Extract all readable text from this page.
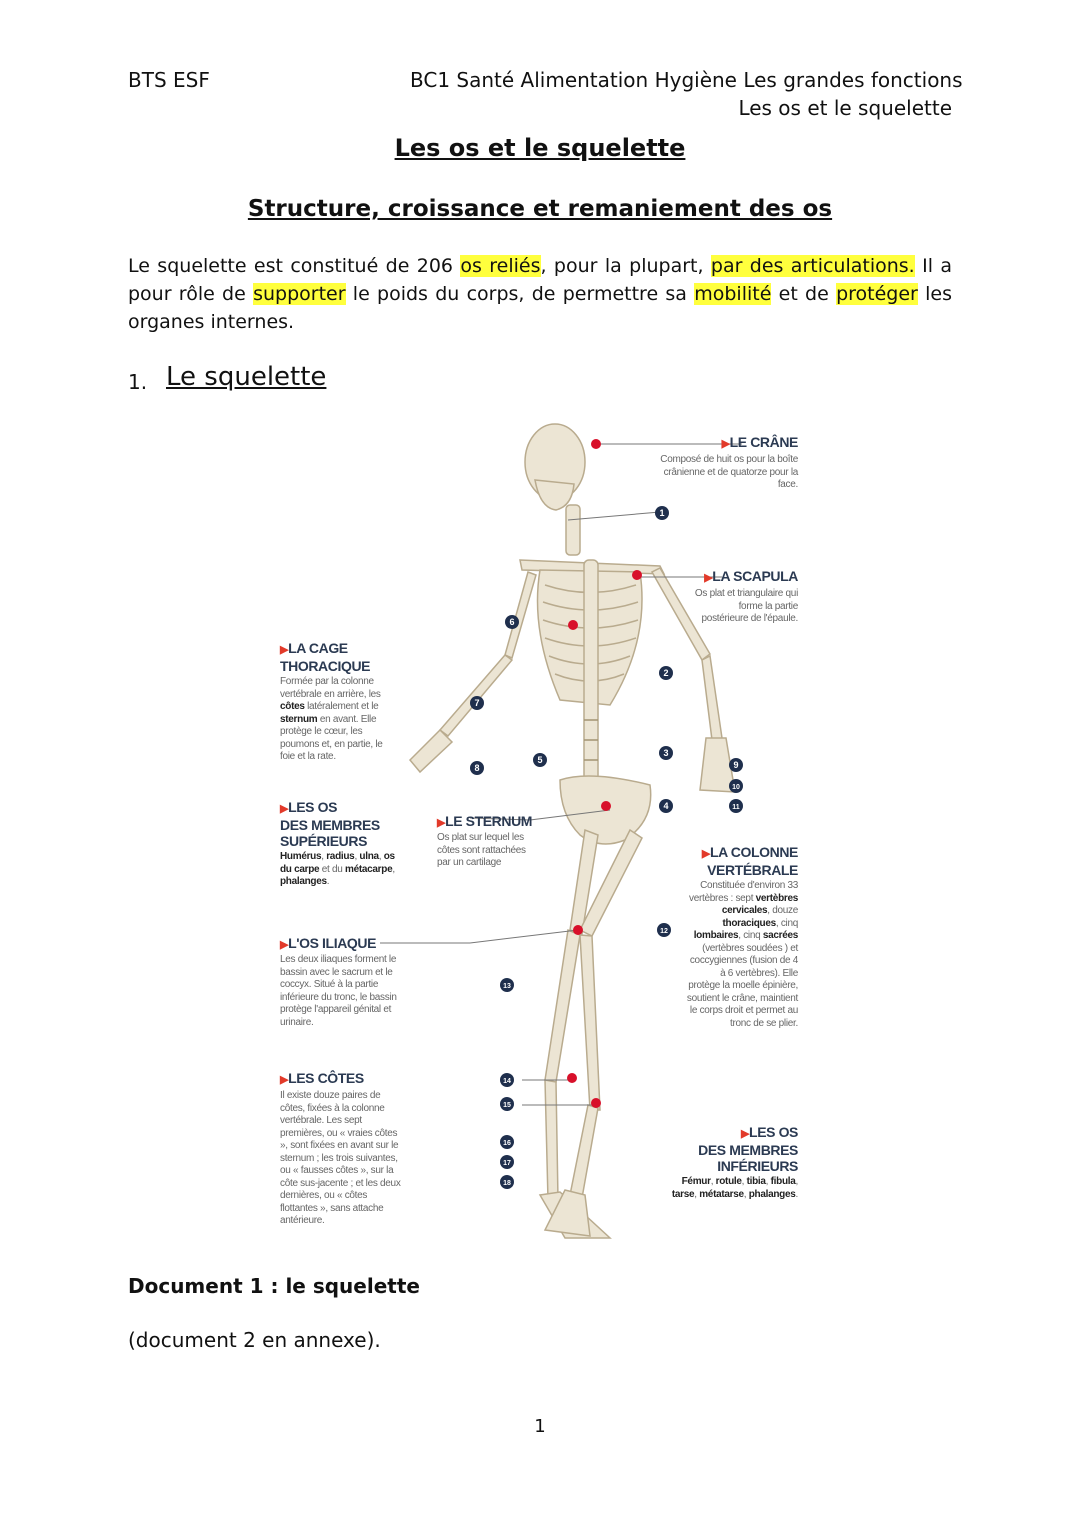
BTS ESF	BC1 Santé Alimentation Hygiène Les grandes fonctions
Les os et le squelette
Les os et le squelette
Structure, croissance et remaniement des os
Le squelette est constitué de 206 os reliés, pour la plupart, par des articulations. Il a pour rôle de supporter le poids du corps, de permettre sa mobilité et de protéger les organes internes.
1. Le squelette
1
2
3
4
5
6
7
8	9
10
11
12
13
14
15
16
17
18
▶LE CRÂNE
Composé de huit os pour la boîte crânienne et de quatorze pour la face.
▶LA SCAPULA
Os plat et triangulaire qui forme la partie postérieure de l'épaule.
▶LA CAGE
THORACIQUE
Formée par la colonne vertébrale en arrière, les côtes latéralement et le sternum en avant. Elle protège le cœur, les poumons et, en partie, le foie et la rate.
▶LES OS
DES MEMBRES
SUPÉRIEURS
Humérus, radius, ulna, os du carpe et du métacarpe, phalanges.
▶LE STERNUM
Os plat sur lequel les côtes sont rattachées par un cartilage
▶L'OS ILIAQUE
Les deux iliaques forment le bassin avec le sacrum et le coccyx. Situé à la partie inférieure du tronc, le bassin protège l'appareil génital et urinaire.
▶LA COLONNE
VERTÉBRALE
Constituée d'environ 33 vertèbres : sept vertèbres cervicales, douze thoraciques, cinq lombaires, cinq sacrées (vertèbres soudées ) et coccygiennes (fusion de 4 à 6 vertèbres). Elle protège la moelle épinière, soutient le crâne, maintient le corps droit et permet au tronc de se plier.
▶LES CÔTES
Il existe douze paires de côtes, fixées à la colonne vertébrale. Les sept premières, ou « vraies côtes », sont fixées en avant sur le sternum ; les trois suivantes, ou « fausses côtes », sur la côte sus-jacente ; et les deux dernières, ou « côtes flottantes », sans attache antérieure.
▶LES OS
DES MEMBRES
INFÉRIEURS
Fémur, rotule, tibia, fibula, tarse, métatarse, phalanges.
Document 1 : le squelette
(document 2 en annexe).
1
